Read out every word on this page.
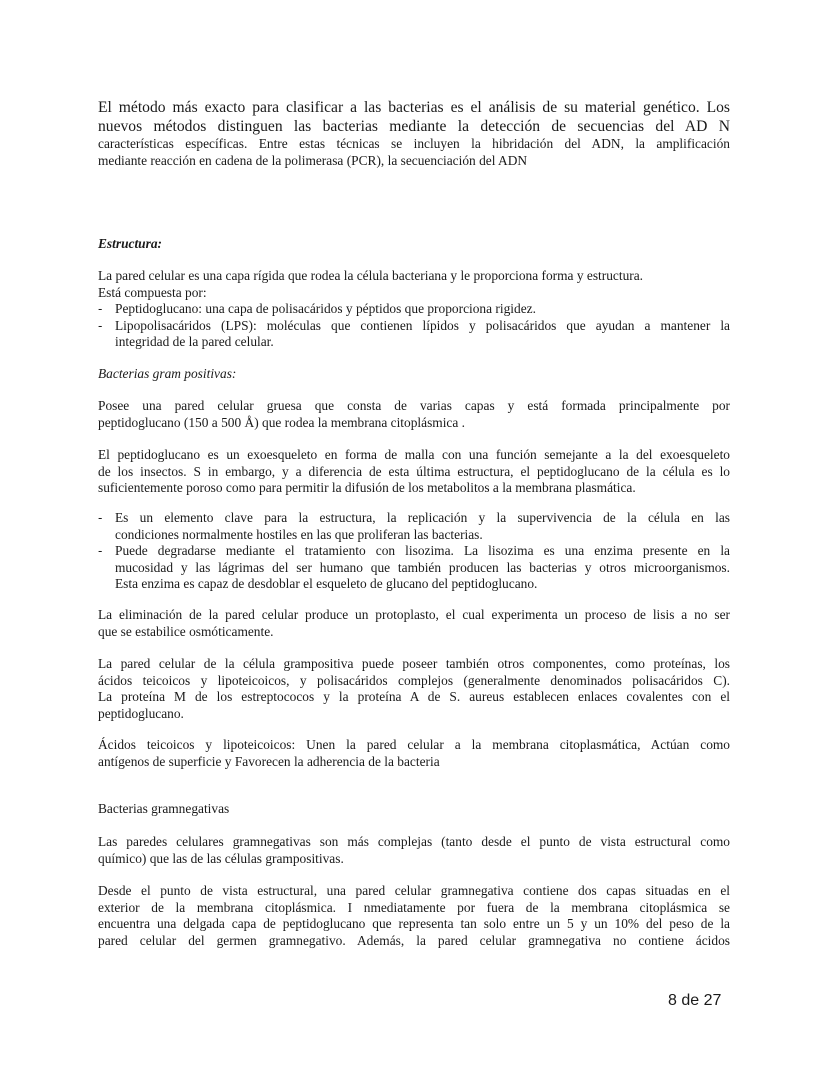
El método más exacto para clasificar a las bacterias es el análisis de su material genético. Los
nuevos métodos distinguen las bacterias mediante la detección de secuencias del AD N
características específicas. Entre estas técnicas se incluyen la hibridación del ADN, la amplificación
mediante reacción en cadena de la polimerasa (PCR), la secuenciación del ADN
Estructura:
La pared celular es una capa rígida que rodea la célula bacteriana y le proporciona forma y estructura.
Está compuesta por:
- Peptidoglucano: una capa de polisacáridos y péptidos que proporciona rigidez.
- Lipopolisacáridos (LPS): moléculas que contienen lípidos y polisacáridos que ayudan a mantener la
integridad de la pared celular.
Bacterias gram positivas:
Posee una pared celular gruesa que consta de varias capas y está formada principalmente por
peptidoglucano (150 a 500 Å) que rodea la membrana citoplásmica .
El peptidoglucano es un exoesqueleto en forma de malla con una función semejante a la del exoesqueleto
de los insectos. S in embargo, y a diferencia de esta última estructura, el peptidoglucano de la célula es lo
suficientemente poroso como para permitir la difusión de los metabolitos a la membrana plasmática.
- Es un elemento clave para la estructura, la replicación y la supervivencia de la célula en las
condiciones normalmente hostiles en las que proliferan las bacterias.
- Puede degradarse mediante el tratamiento con lisozima. La lisozima es una enzima presente en la
mucosidad y las lágrimas del ser humano que también producen las bacterias y otros microorganismos.
Esta enzima es capaz de desdoblar el esqueleto de glucano del peptidoglucano.
La eliminación de la pared celular produce un protoplasto, el cual experimenta un proceso de lisis a no ser
que se estabilice osmóticamente.
La pared celular de la célula grampositiva puede poseer también otros componentes, como proteínas, los
ácidos teicoicos y lipoteicoicos, y polisacáridos complejos (generalmente denominados polisacáridos C).
La proteína M de los estreptococos y la proteína A de S. aureus establecen enlaces covalentes con el
peptidoglucano.
Ácidos teicoicos y lipoteicoicos: Unen la pared celular a la membrana citoplasmática, Actúan como
antígenos de superficie y Favorecen la adherencia de la bacteria
Bacterias gramnegativas
Las paredes celulares gramnegativas son más complejas (tanto desde el punto de vista estructural como
químico) que las de las células grampositivas.
Desde el punto de vista estructural, una pared celular gramnegativa contiene dos capas situadas en el
exterior de la membrana citoplásmica. I nmediatamente por fuera de la membrana citoplásmica se
encuentra una delgada capa de peptidoglucano que representa tan solo entre un 5 y un 10% del peso de la
pared celular del germen gramnegativo. Además, la pared celular gramnegativa no contiene ácidos
8 de 27
